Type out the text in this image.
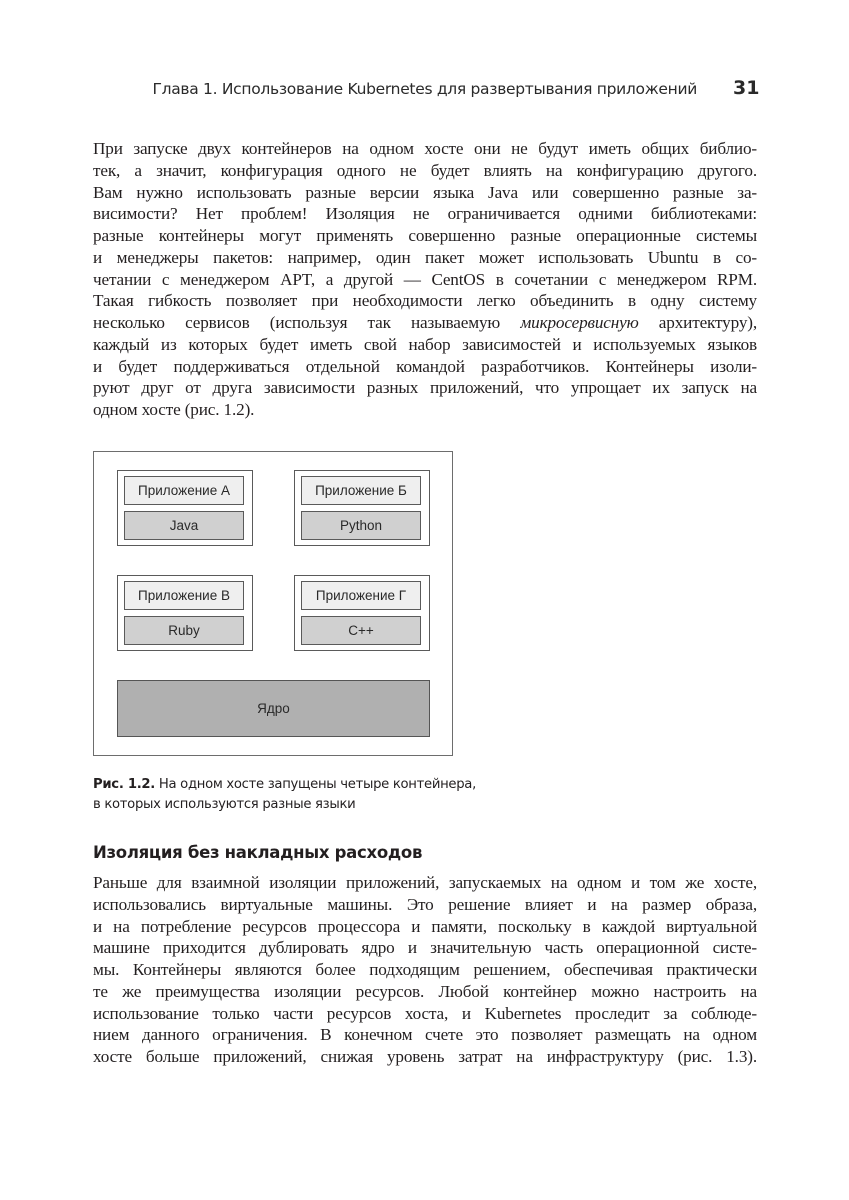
Глава 1. Использование Kubernetes для развертывания приложений 31
При запуске двух контейнеров на одном хосте они не будут иметь общих библио-
тек, а значит, конфигурация одного не будет влиять на конфигурацию другого.
Вам нужно использовать разные версии языка Java или совершенно разные за-
висимости? Нет проблем! Изоляция не ограничивается одними библиотеками:
разные контейнеры могут применять совершенно разные операционные системы
и менеджеры пакетов: например, один пакет может использовать Ubuntu в со-
четании с менеджером APT, а другой — CentOS в сочетании с менеджером RPM.
Такая гибкость позволяет при необходимости легко объединить в одну систему
несколько сервисов (используя так называемую микросервисную архитектуру),
каждый из которых будет иметь свой набор зависимостей и используемых языков
и будет поддерживаться отдельной командой разработчиков. Контейнеры изоли-
руют друг от друга зависимости разных приложений, что упрощает их запуск на
одном хосте (рис. 1.2).
Приложение А
Java
Приложение Б
Python
Приложение В
Ruby
Приложение Г
C++
Ядро
Рис. 1.2. На одном хосте запущены четыре контейнера,
в которых используются разные языки
Изоляция без накладных расходов
Раньше для взаимной изоляции приложений, запускаемых на одном и том же хосте,
использовались виртуальные машины. Это решение влияет и на размер образа,
и на потребление ресурсов процессора и памяти, поскольку в каждой виртуальной
машине приходится дублировать ядро и значительную часть операционной систе-
мы. Контейнеры являются более подходящим решением, обеспечивая практически
те же преимущества изоляции ресурсов. Любой контейнер можно настроить на
использование только части ресурсов хоста, и Kubernetes проследит за соблюде-
нием данного ограничения. В конечном счете это позволяет размещать на одном
хосте больше приложений, снижая уровень затрат на инфраструктуру (рис. 1.3).
